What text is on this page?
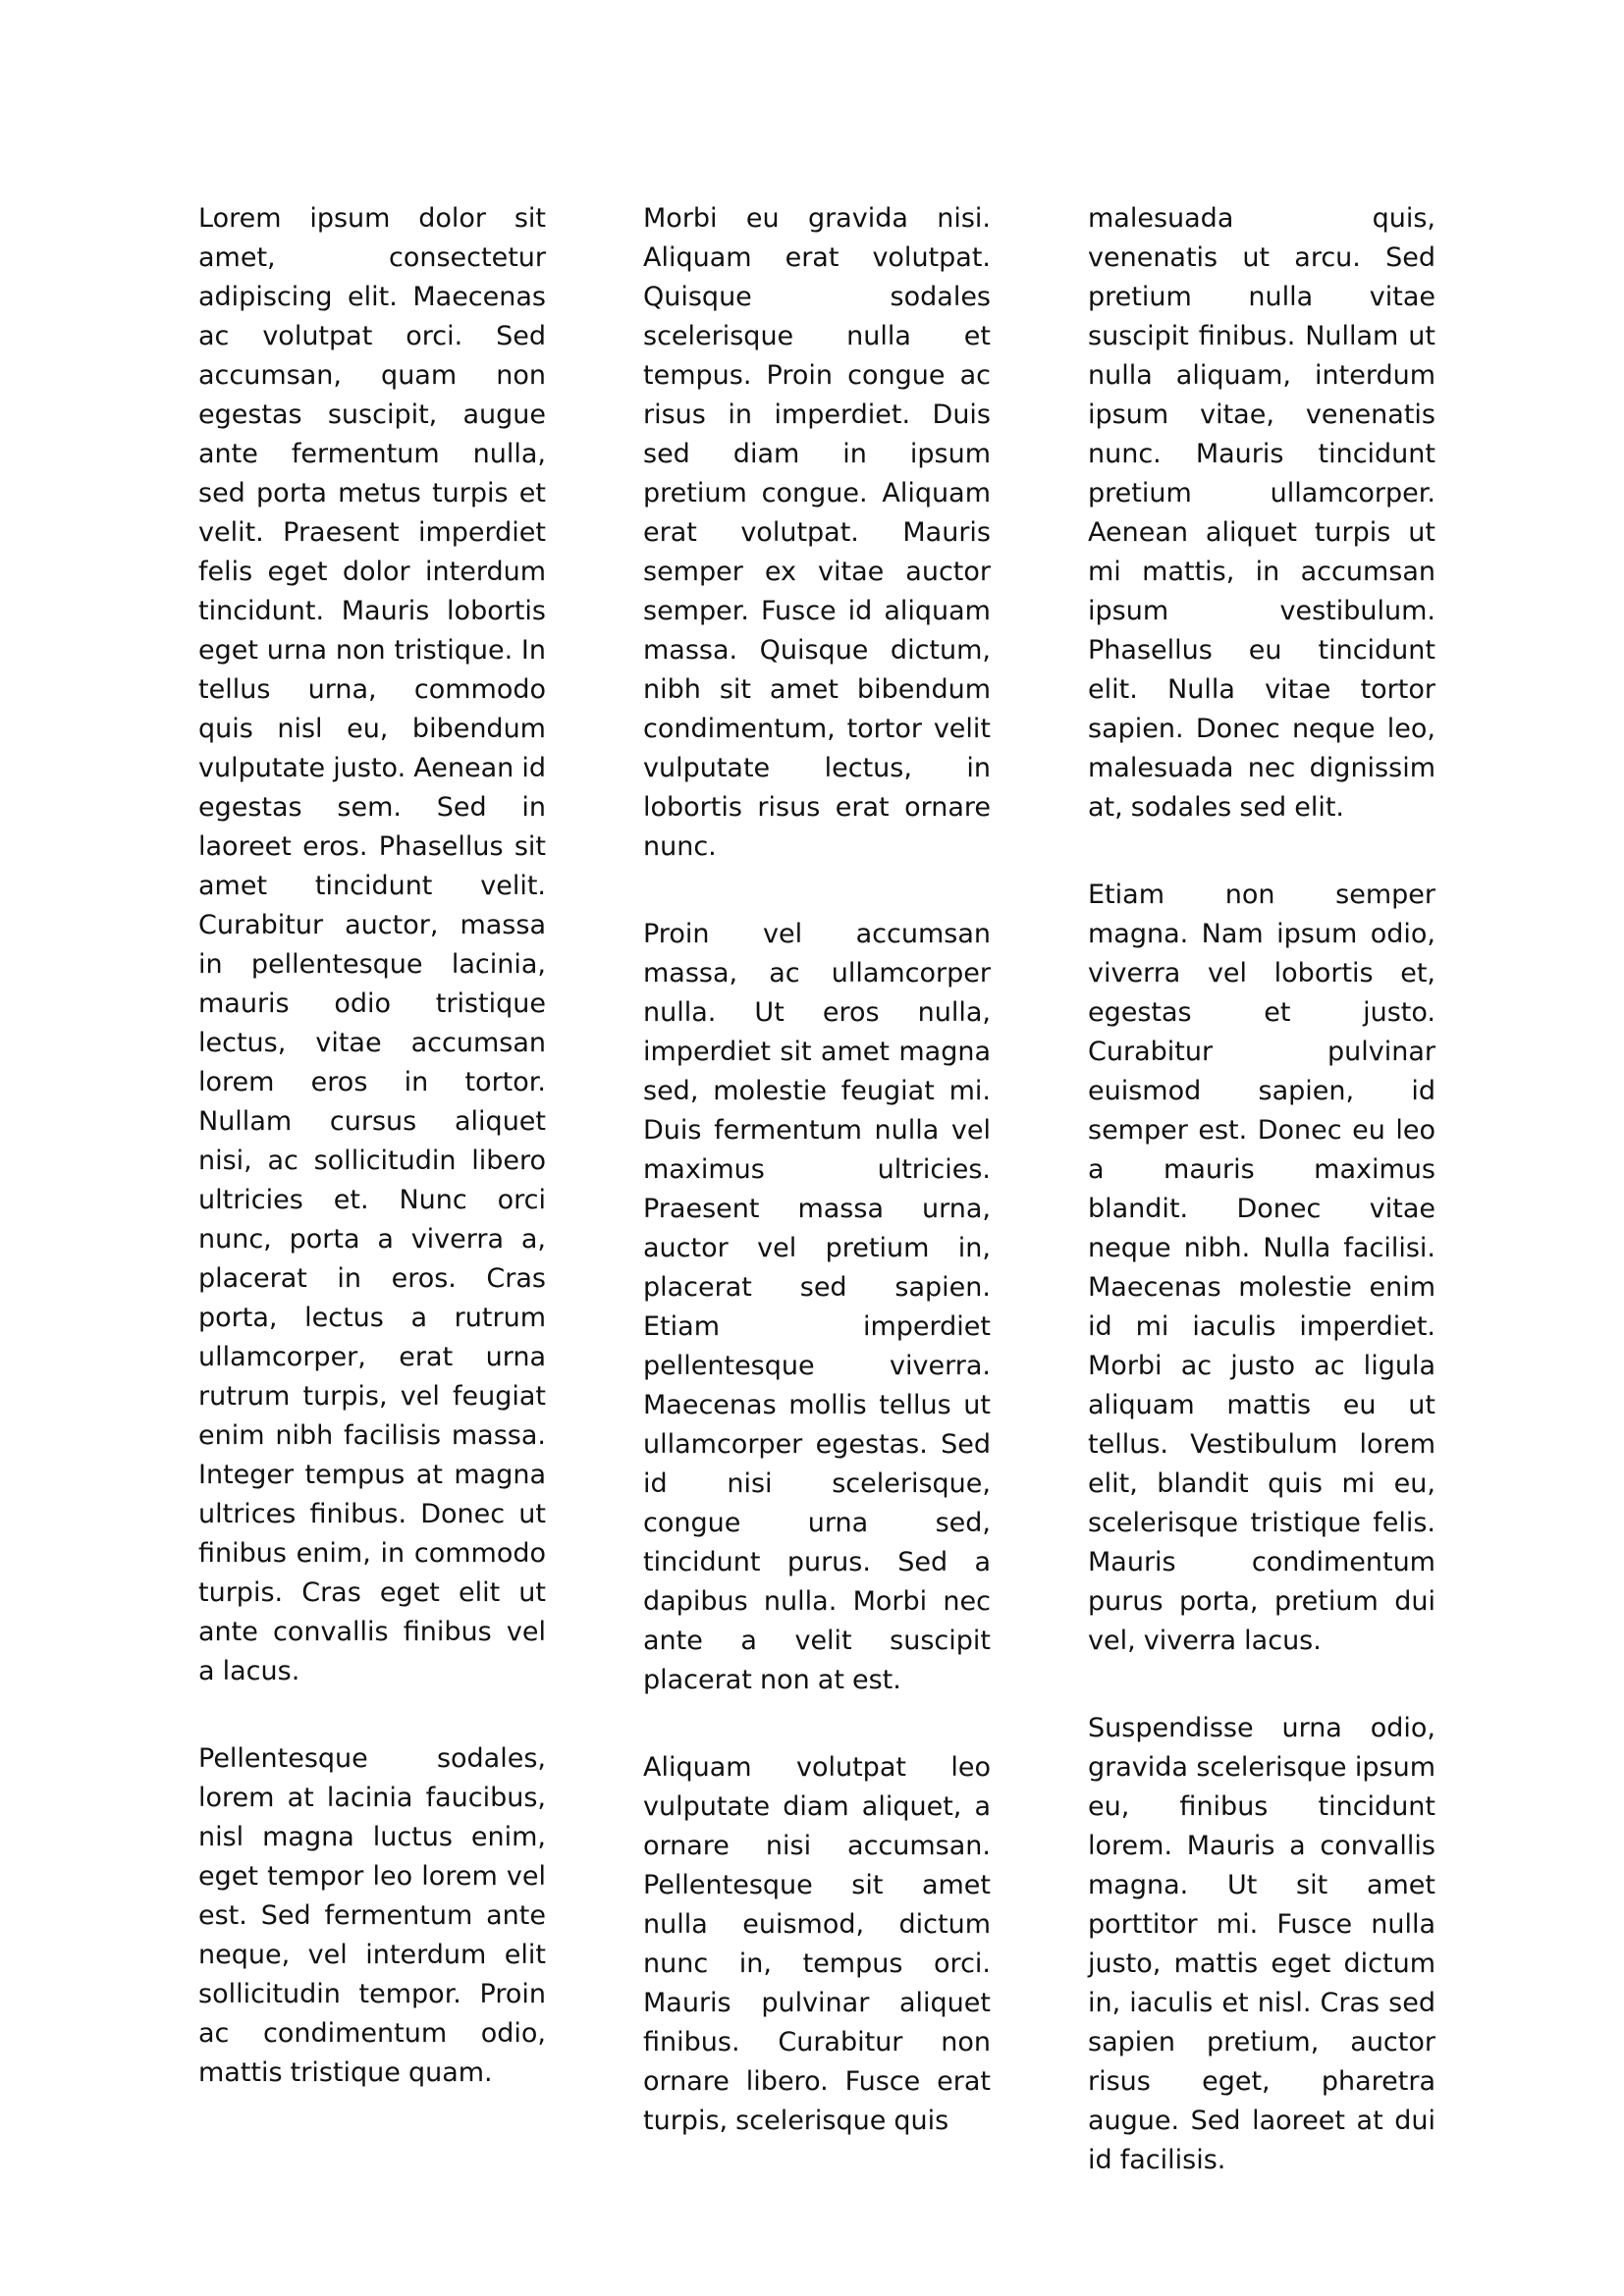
Lorem ipsum dolor sit amet, consectetur adipiscing elit. Maecenas ac volutpat orci. Sed accumsan, quam non egestas suscipit, augue ante fermentum nulla, sed porta metus turpis et velit. Praesent imperdiet felis eget dolor interdum tincidunt. Mauris lobortis eget urna non tristique. In tellus urna, commodo quis nisl eu, bibendum vulputate justo. Aenean id egestas sem. Sed in laoreet eros. Phasellus sit amet tincidunt velit. Curabitur auctor, massa in pellentesque lacinia, mauris odio tristique lectus, vitae accumsan lorem eros in tortor. Nullam cursus aliquet nisi, ac sollicitudin libero ultricies et. Nunc orci nunc, porta a viverra a, placerat in eros. Cras porta, lectus a rutrum ullamcorper, erat urna rutrum turpis, vel feugiat enim nibh facilisis massa. Integer tempus at magna ultrices finibus. Donec ut finibus enim, in commodo turpis. Cras eget elit ut ante convallis finibus vel a lacus.

Pellentesque sodales, lorem at lacinia faucibus, nisl magna luctus enim, eget tempor leo lorem vel est. Sed fermentum ante neque, vel interdum elit sollicitudin tempor. Proin ac condimentum odio, mattis tristique quam.

Morbi eu gravida nisi. Aliquam erat volutpat. Quisque sodales scelerisque nulla et tempus. Proin congue ac risus in imperdiet. Duis sed diam in ipsum pretium congue. Aliquam erat volutpat. Mauris semper ex vitae auctor semper. Fusce id aliquam massa. Quisque dictum, nibh sit amet bibendum condimentum, tortor velit vulputate lectus, in lobortis risus erat ornare nunc.

Proin vel accumsan massa, ac ullamcorper nulla. Ut eros nulla, imperdiet sit amet magna sed, molestie feugiat mi. Duis fermentum nulla vel maximus ultricies. Praesent massa urna, auctor vel pretium in, placerat sed sapien. Etiam imperdiet pellentesque viverra. Maecenas mollis tellus ut ullamcorper egestas. Sed id nisi scelerisque, congue urna sed, tincidunt purus. Sed a dapibus nulla. Morbi nec ante a velit suscipit placerat non at est.

Aliquam volutpat leo vulputate diam aliquet, a ornare nisi accumsan. Pellentesque sit amet nulla euismod, dictum nunc in, tempus orci. Mauris pulvinar aliquet finibus. Curabitur non ornare libero. Fusce erat turpis, scelerisque quis

malesuada quis, venenatis ut arcu. Sed pretium nulla vitae suscipit finibus. Nullam ut nulla aliquam, interdum ipsum vitae, venenatis nunc. Mauris tincidunt pretium ullamcorper. Aenean aliquet turpis ut mi mattis, in accumsan ipsum vestibulum. Phasellus eu tincidunt elit. Nulla vitae tortor sapien. Donec neque leo, malesuada nec dignissim at, sodales sed elit.

Etiam non semper magna. Nam ipsum odio, viverra vel lobortis et, egestas et justo. Curabitur pulvinar euismod sapien, id semper est. Donec eu leo a mauris maximus blandit. Donec vitae neque nibh. Nulla facilisi. Maecenas molestie enim id mi iaculis imperdiet. Morbi ac justo ac ligula aliquam mattis eu ut tellus. Vestibulum lorem elit, blandit quis mi eu, scelerisque tristique felis. Mauris condimentum purus porta, pretium dui vel, viverra lacus.

Suspendisse urna odio, gravida scelerisque ipsum eu, finibus tincidunt lorem. Mauris a convallis magna. Ut sit amet porttitor mi. Fusce nulla justo, mattis eget dictum in, iaculis et nisl. Cras sed sapien pretium, auctor risus eget, pharetra augue. Sed laoreet at dui id facilisis.
